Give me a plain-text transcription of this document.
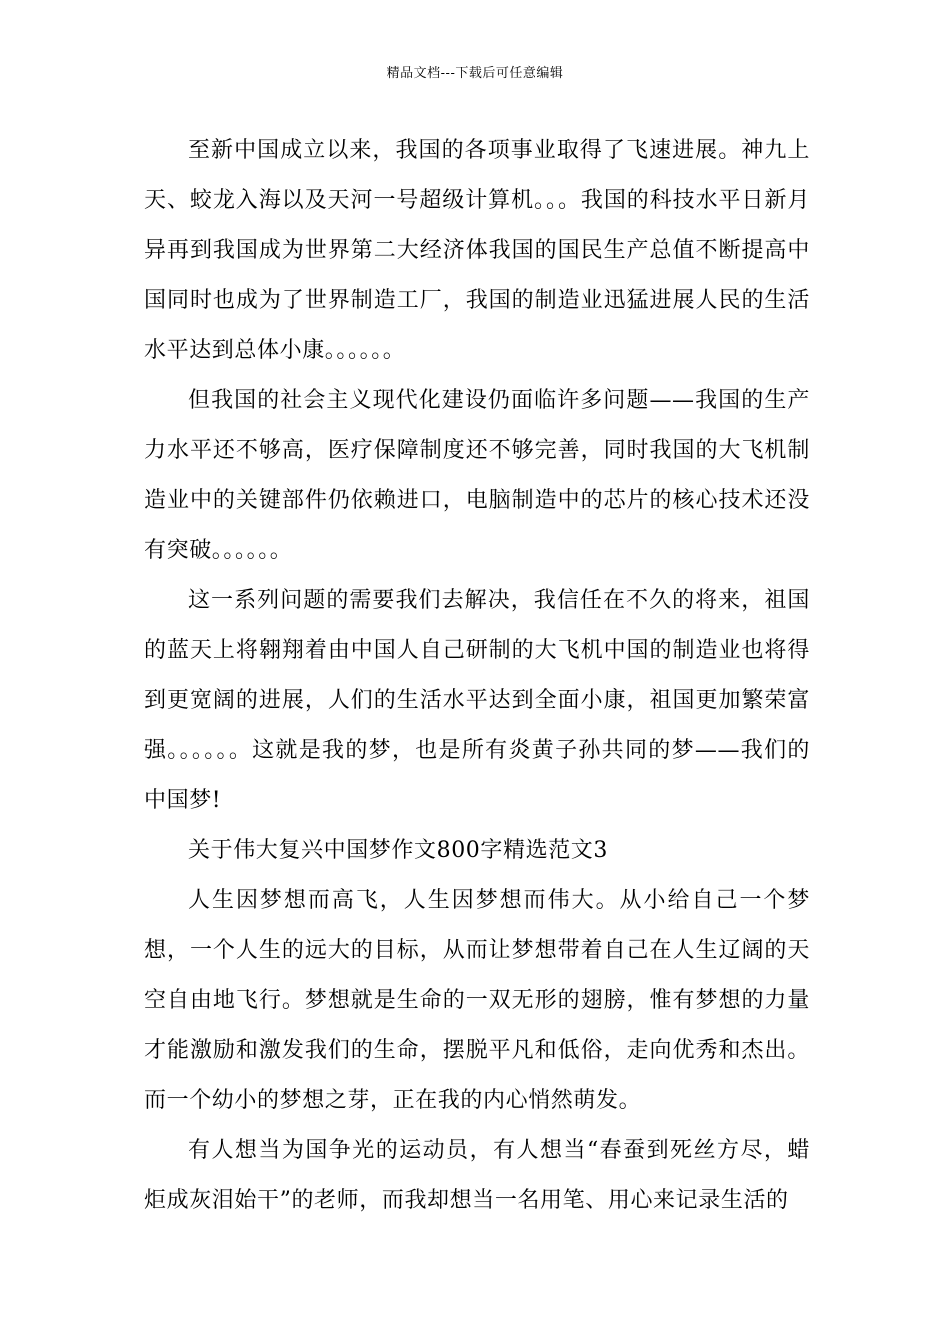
精品文档---下载后可任意编辑

至新中国成立以来，我国的各项事业取得了飞速进展。神九上天、蛟龙入海以及天河一号超级计算机。。。我国的科技水平日新月异再到我国成为世界第二大经济体我国的国民生产总值不断提高中国同时也成为了世界制造工厂，我国的制造业迅猛进展人民的生活水平达到总体小康。。。。。。

但我国的社会主义现代化建设仍面临许多问题——我国的生产力水平还不够高，医疗保障制度还不够完善，同时我国的大飞机制造业中的关键部件仍依赖进口，电脑制造中的芯片的核心技术还没有突破。。。。。。

这一系列问题的需要我们去解决，我信任在不久的将来，祖国的蓝天上将翱翔着由中国人自己研制的大飞机中国的制造业也将得到更宽阔的进展，人们的生活水平达到全面小康，祖国更加繁荣富强。。。。。。这就是我的梦，也是所有炎黄子孙共同的梦——我们的中国梦!

关于伟大复兴中国梦作文800字精选范文3

人生因梦想而高飞，人生因梦想而伟大。从小给自己一个梦想，一个人生的远大的目标，从而让梦想带着自己在人生辽阔的天空自由地飞行。梦想就是生命的一双无形的翅膀，惟有梦想的力量才能激励和激发我们的生命，摆脱平凡和低俗，走向优秀和杰出。而一个幼小的梦想之芽，正在我的内心悄然萌发。

有人想当为国争光的运动员，有人想当“春蚕到死丝方尽，蜡炬成灰泪始干”的老师，而我却想当一名用笔、用心来记录生活的
